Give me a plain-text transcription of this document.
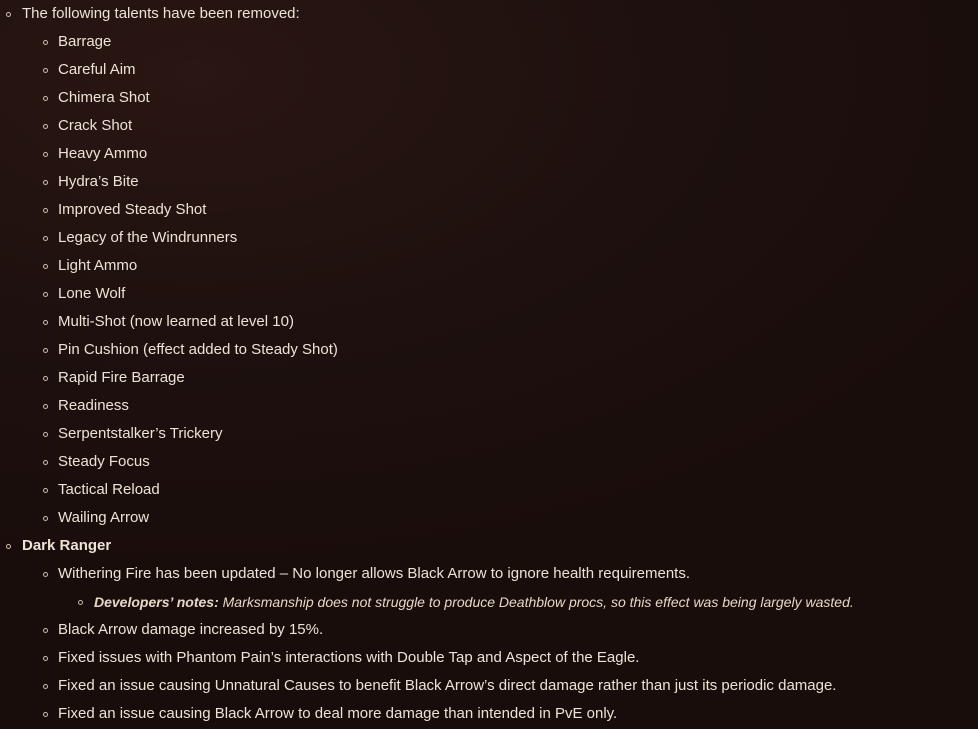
The following talents have been removed:
Barrage
Careful Aim
Chimera Shot
Crack Shot
Heavy Ammo
Hydra’s Bite
Improved Steady Shot
Legacy of the Windrunners
Light Ammo
Lone Wolf
Multi-Shot (now learned at level 10)
Pin Cushion (effect added to Steady Shot)
Rapid Fire Barrage
Readiness
Serpentstalker’s Trickery
Steady Focus
Tactical Reload
Wailing Arrow
Dark Ranger
Withering Fire has been updated – No longer allows Black Arrow to ignore health requirements.
Developers’ notes: Marksmanship does not struggle to produce Deathblow procs, so this effect was being largely wasted.
Black Arrow damage increased by 15%.
Fixed issues with Phantom Pain’s interactions with Double Tap and Aspect of the Eagle.
Fixed an issue causing Unnatural Causes to benefit Black Arrow’s direct damage rather than just its periodic damage.
Fixed an issue causing Black Arrow to deal more damage than intended in PvE only.
